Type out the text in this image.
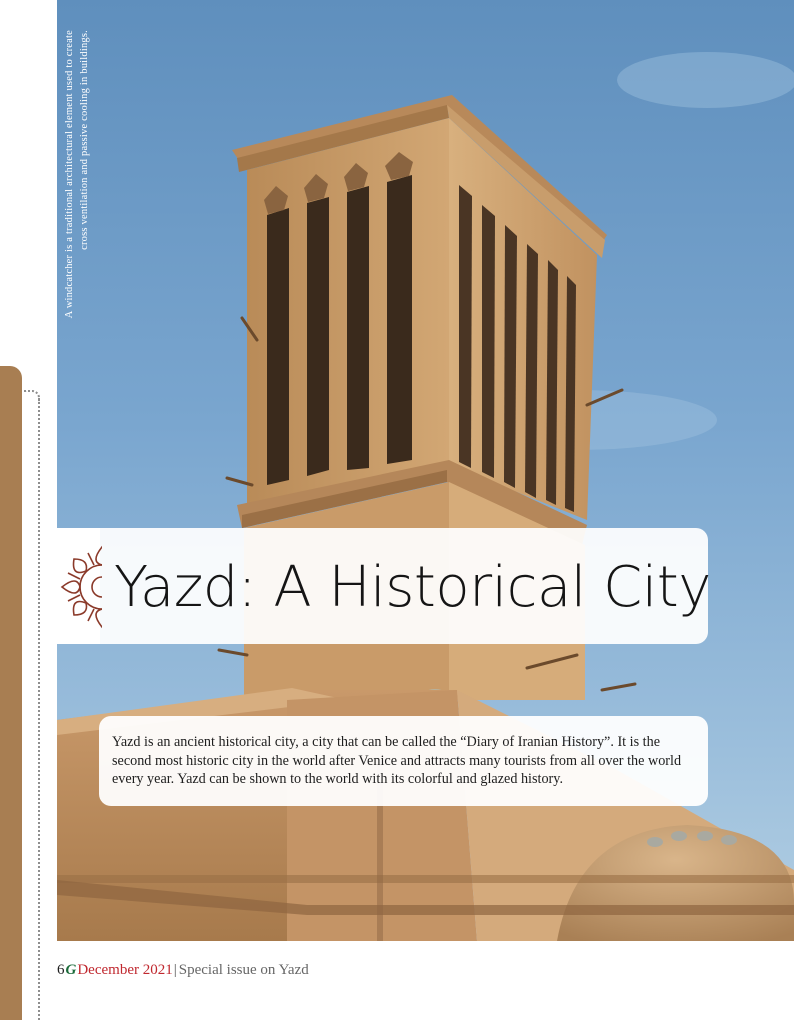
A windcatcher is a traditional architectural element used to create cross ventilation and passive cooling in buildings.
Yazd: A Historical City
Yazd is an ancient historical city, a city that can be called the “Diary of Iranian History”. It is the second most historic city in the world after Venice and attracts many tourists from all over the world every year. Yazd can be shown to the world with its colorful and glazed history.
6GDecember 2021| Special issue on Yazd
